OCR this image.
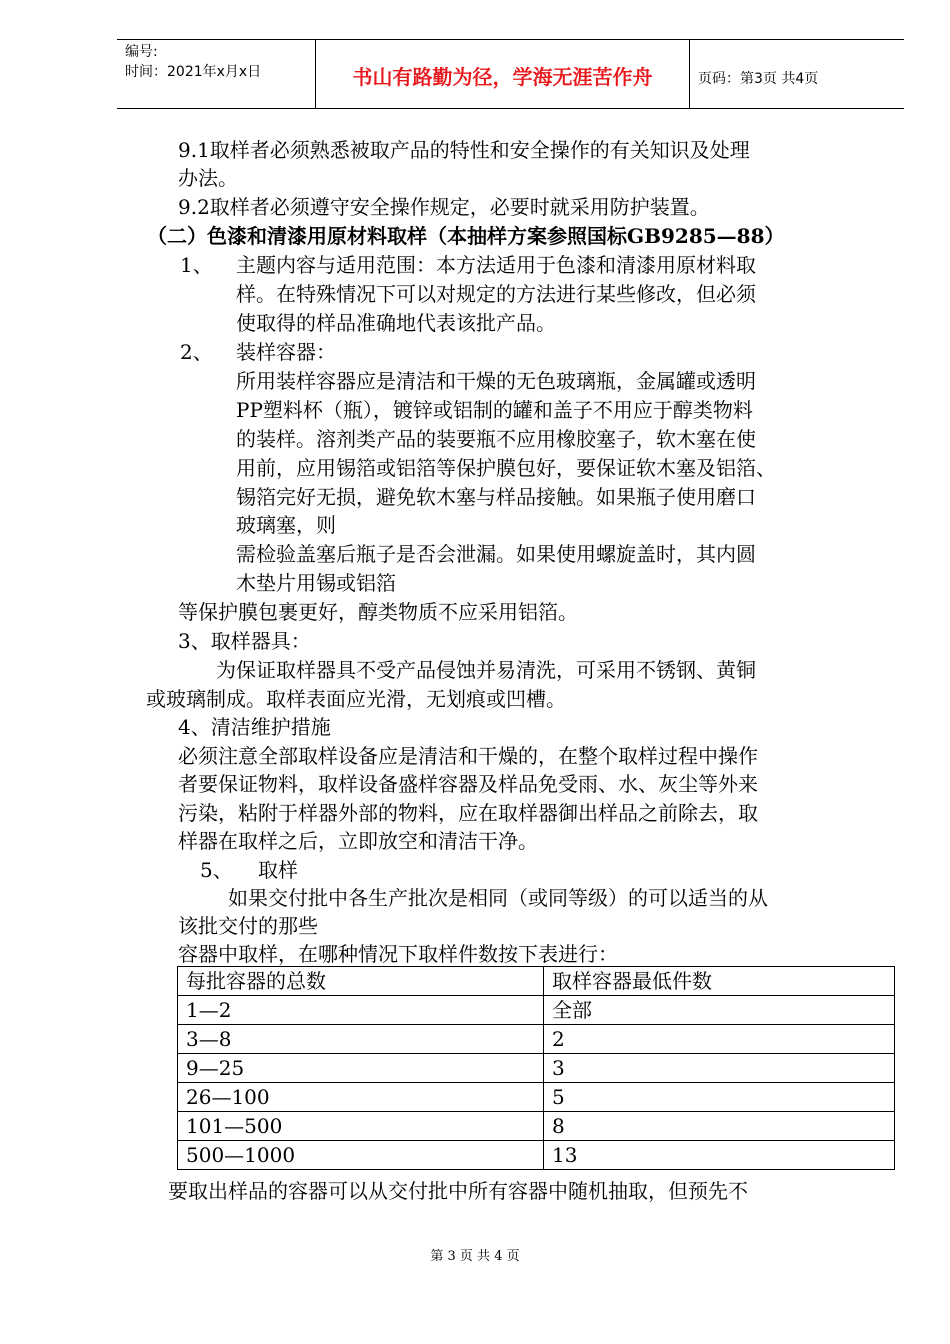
编号:
时间：2021年x月x日	书山有路勤为径，学海无涯苦作舟	页码：第3页 共4页
9.1取样者必须熟悉被取产品的特性和安全操作的有关知识及处理
办法。
9.2取样者必须遵守安全操作规定，必要时就采用防护装置。
（二）色漆和清漆用原材料取样（本抽样方案参照国标GB9285—88）
1、 主题内容与适用范围：本方法适用于色漆和清漆用原材料取
样。在特殊情况下可以对规定的方法进行某些修改，但必须
使取得的样品准确地代表该批产品。
2、 装样容器：
所用装样容器应是清洁和干燥的无色玻璃瓶，金属罐或透明
PP塑料杯（瓶），镀锌或铝制的罐和盖子不用应于醇类物料
的装样。溶剂类产品的装要瓶不应用橡胶塞子，软木塞在使
用前，应用锡箔或铝箔等保护膜包好，要保证软木塞及铝箔、
锡箔完好无损，避免软木塞与样品接触。如果瓶子使用磨口
玻璃塞，则
需检验盖塞后瓶子是否会泄漏。如果使用螺旋盖时，其内圆
木垫片用锡或铝箔
等保护膜包裹更好，醇类物质不应采用铝箔。
3、取样器具：
为保证取样器具不受产品侵蚀并易清洗，可采用不锈钢、黄铜
或玻璃制成。取样表面应光滑，无划痕或凹槽。
4、清洁维护措施
必须注意全部取样设备应是清洁和干燥的，在整个取样过程中操作
者要保证物料，取样设备盛样容器及样品免受雨、水、灰尘等外来
污染，粘附于样器外部的物料，应在取样器御出样品之前除去，取
样器在取样之后，立即放空和清洁干净。
5、 取样
如果交付批中各生产批次是相同（或同等级）的可以适当的从
该批交付的那些
容器中取样，在哪种情况下取样件数按下表进行：
每批容器的总数	取样容器最低件数
1—2	全部
3—8	2
9—25	3
26—100	5
101—500	8
500—1000	13
要取出样品的容器可以从交付批中所有容器中随机抽取，但预先不
第 3 页 共 4 页
